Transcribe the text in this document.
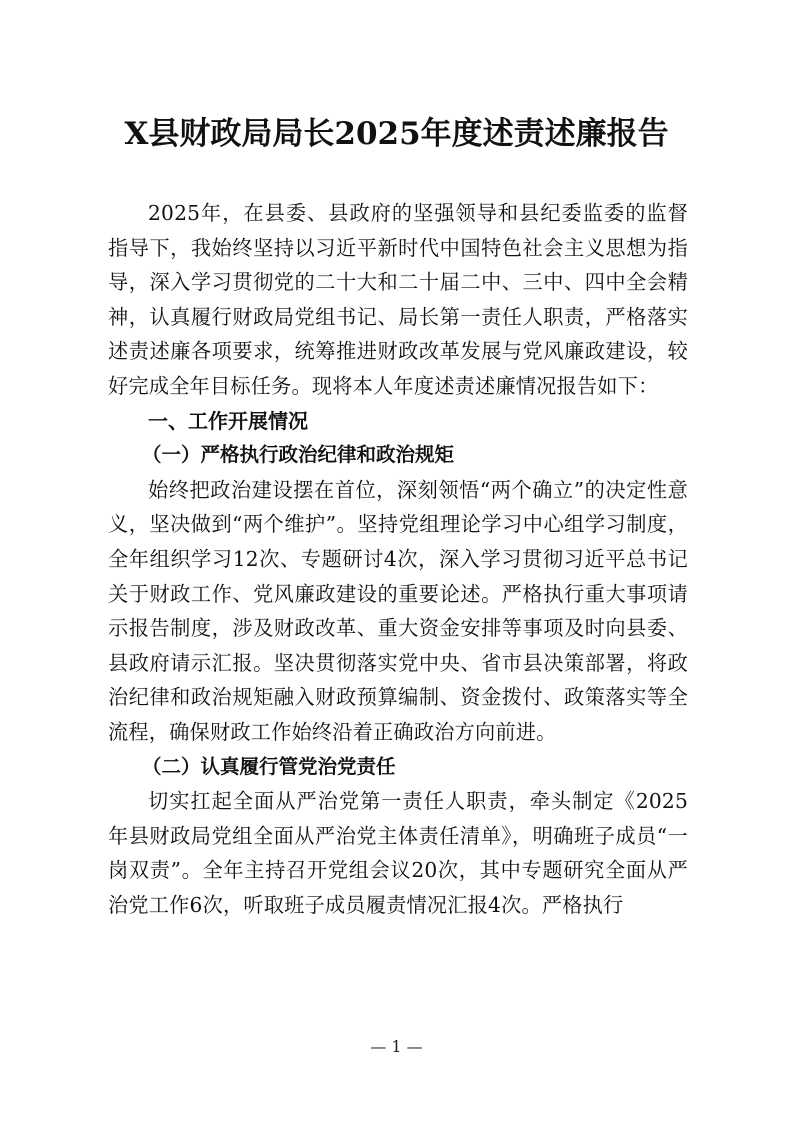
X县财政局局长2025年度述责述廉报告

2025年，在县委、县政府的坚强领导和县纪委监委的监督指导下，我始终坚持以习近平新时代中国特色社会主义思想为指导，深入学习贯彻党的二十大和二十届二中、三中、四中全会精神，认真履行财政局党组书记、局长第一责任人职责，严格落实述责述廉各项要求，统筹推进财政改革发展与党风廉政建设，较好完成全年目标任务。现将本人年度述责述廉情况报告如下：

一、工作开展情况

（一）严格执行政治纪律和政治规矩

始终把政治建设摆在首位，深刻领悟“两个确立”的决定性意义，坚决做到“两个维护”。坚持党组理论学习中心组学习制度，全年组织学习12次、专题研讨4次，深入学习贯彻习近平总书记关于财政工作、党风廉政建设的重要论述。严格执行重大事项请示报告制度，涉及财政改革、重大资金安排等事项及时向县委、县政府请示汇报。坚决贯彻落实党中央、省市县决策部署，将政治纪律和政治规矩融入财政预算编制、资金拨付、政策落实等全流程，确保财政工作始终沿着正确政治方向前进。

（二）认真履行管党治党责任

切实扛起全面从严治党第一责任人职责，牵头制定《2025年县财政局党组全面从严治党主体责任清单》，明确班子成员“一岗双责”。全年主持召开党组会议20次，其中专题研究全面从严治党工作6次，听取班子成员履责情况汇报4次。严格执行

— 1 —
